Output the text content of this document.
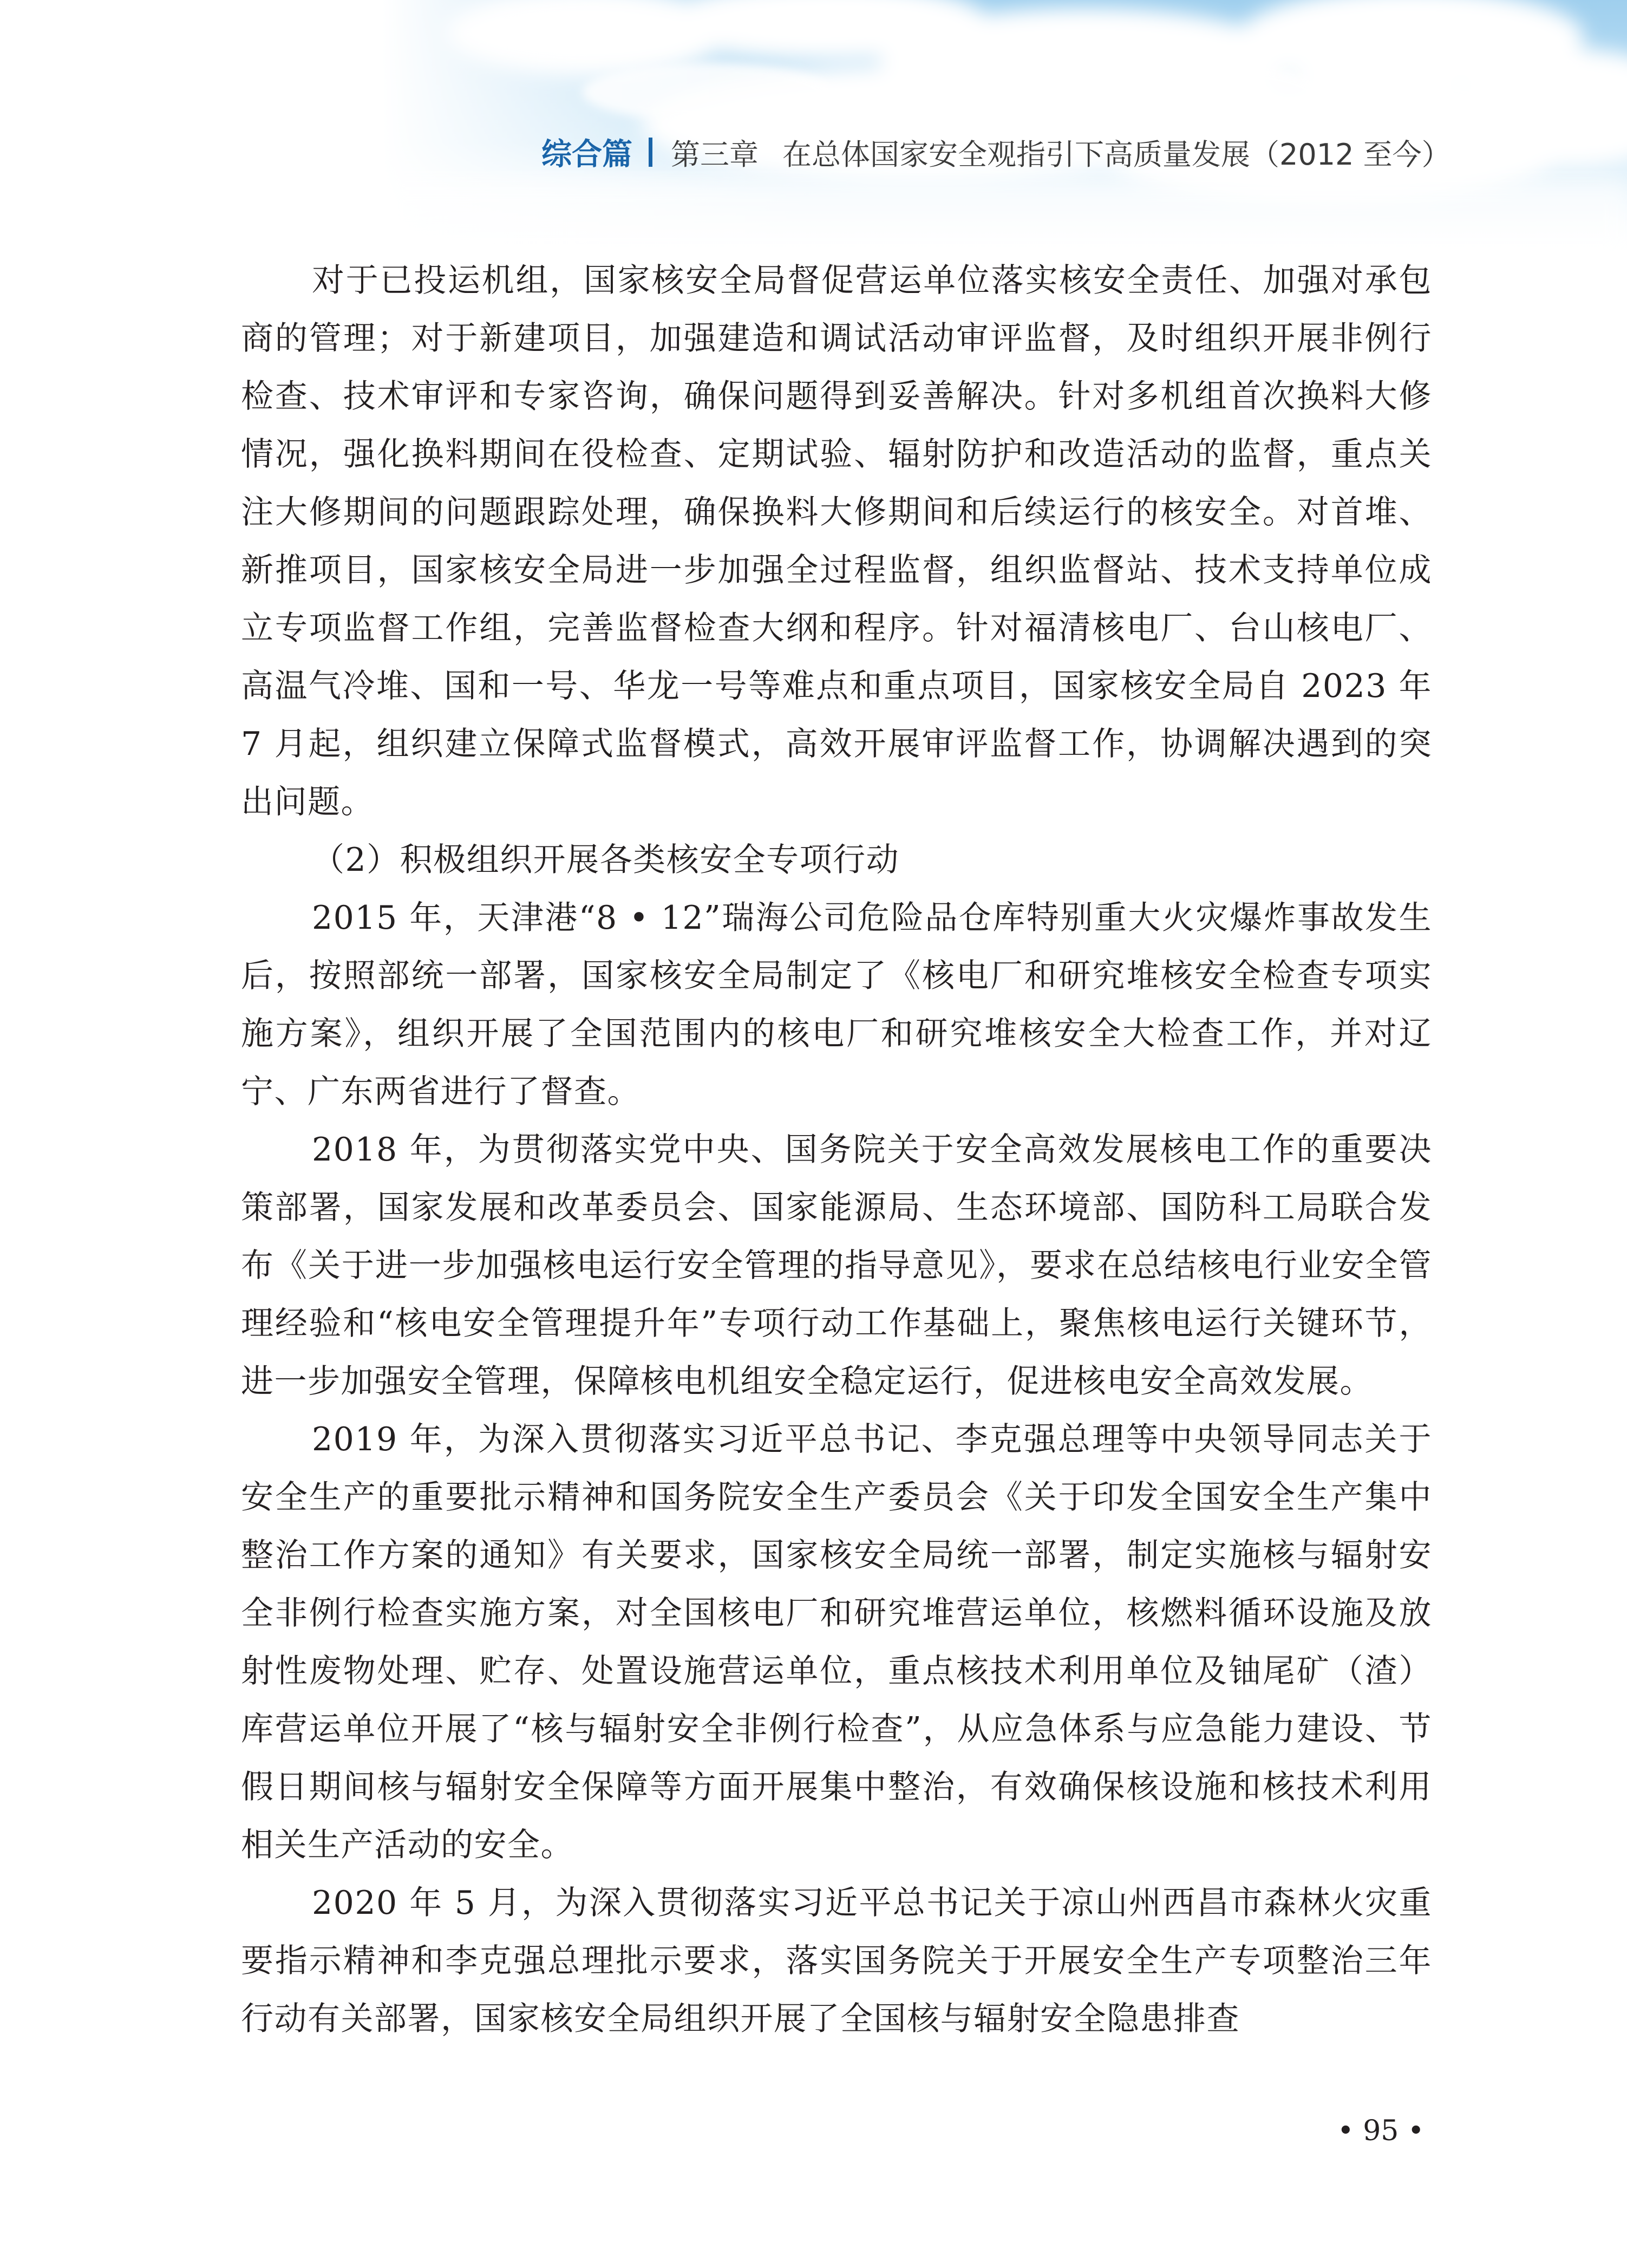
综合篇 第三章 在总体国家安全观指引下高质量发展（2012 至今）

对于已投运机组，国家核安全局督促营运单位落实核安全责任、加强对承包商的管理；对于新建项目，加强建造和调试活动审评监督，及时组织开展非例行检查、技术审评和专家咨询，确保问题得到妥善解决。针对多机组首次换料大修情况，强化换料期间在役检查、定期试验、辐射防护和改造活动的监督，重点关注大修期间的问题跟踪处理，确保换料大修期间和后续运行的核安全。对首堆、新推项目，国家核安全局进一步加强全过程监督，组织监督站、技术支持单位成立专项监督工作组，完善监督检查大纲和程序。针对福清核电厂、台山核电厂、高温气冷堆、国和一号、华龙一号等难点和重点项目，国家核安全局自 2023 年 7 月起，组织建立保障式监督模式，高效开展审评监督工作，协调解决遇到的突出问题。

（2）积极组织开展各类核安全专项行动

2015 年，天津港“8 • 12”瑞海公司危险品仓库特别重大火灾爆炸事故发生后，按照部统一部署，国家核安全局制定了《核电厂和研究堆核安全检查专项实施方案》，组织开展了全国范围内的核电厂和研究堆核安全大检查工作，并对辽宁、广东两省进行了督查。

2018 年，为贯彻落实党中央、国务院关于安全高效发展核电工作的重要决策部署，国家发展和改革委员会、国家能源局、生态环境部、国防科工局联合发布《关于进一步加强核电运行安全管理的指导意见》，要求在总结核电行业安全管理经验和“核电安全管理提升年”专项行动工作基础上，聚焦核电运行关键环节，进一步加强安全管理，保障核电机组安全稳定运行，促进核电安全高效发展。

2019 年，为深入贯彻落实习近平总书记、李克强总理等中央领导同志关于安全生产的重要批示精神和国务院安全生产委员会《关于印发全国安全生产集中整治工作方案的通知》有关要求，国家核安全局统一部署，制定实施核与辐射安全非例行检查实施方案，对全国核电厂和研究堆营运单位，核燃料循环设施及放射性废物处理、贮存、处置设施营运单位，重点核技术利用单位及铀尾矿（渣）库营运单位开展了“核与辐射安全非例行检查”，从应急体系与应急能力建设、节假日期间核与辐射安全保障等方面开展集中整治，有效确保核设施和核技术利用相关生产活动的安全。

2020 年 5 月，为深入贯彻落实习近平总书记关于凉山州西昌市森林火灾重要指示精神和李克强总理批示要求，落实国务院关于开展安全生产专项整治三年行动有关部署，国家核安全局组织开展了全国核与辐射安全隐患排查

• 95 •
